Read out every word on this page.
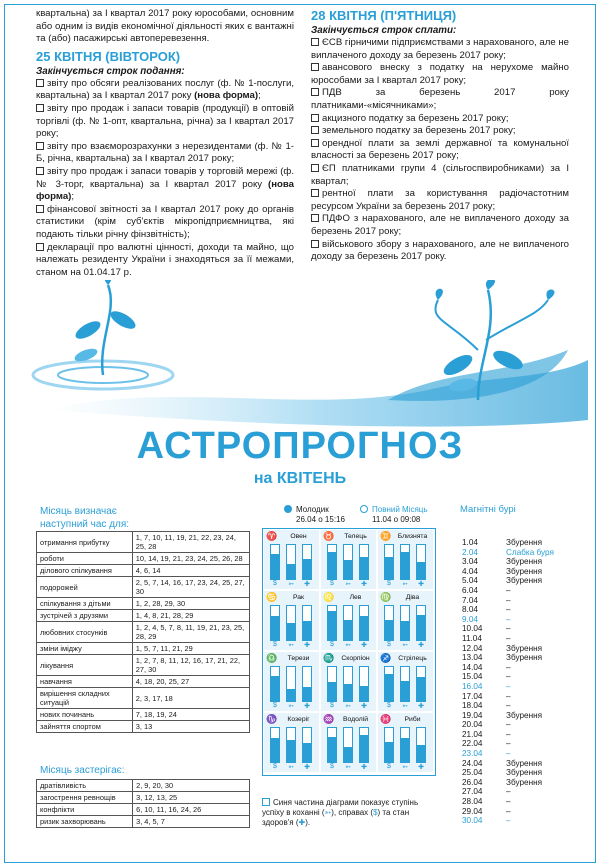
квартальна) за І квартал 2017 року юрособами, основним або одним із видів економічної діяльності яких є вантажні та (або) пасажирські автоперевезення.

25 КВІТНЯ (ВІВТОРОК)
Закінчується строк подання:

звіту про обсяги реалізованих послуг (ф. № 1-послуги, квартальна) за І квартал 2017 року (нова форма);

звіту про продаж і запаси товарів (продукції) в оптовій торгівлі (ф. № 1-опт, квартальна, річна) за І квартал 2017 року;

звіту про взаєморозрахунки з нерезидентами (ф. № 1-Б, річна, квартальна) за І квартал 2017 року;

звіту про продаж і запаси товарів у торговій мережі (ф. № 3-торг, квартальна) за І квартал 2017 року (нова форма);

фінансової звітності за І квартал 2017 року до органів статистики (крім суб'єктів мікропідприємництва, які подають тільки річну фінзвітність);

декларації про валютні цінності, доходи та майно, що належать резиденту України і знаходяться за її межами, станом на 01.04.17 р.

28 КВІТНЯ (П'ЯТНИЦЯ)
Закінчується строк сплати:

ЄСВ гірничими підприємствами з нарахованого, але не виплаченого доходу за березень 2017 року;

авансового внеску з податку на нерухоме майно юрособами за І квартал 2017 року;

ПДВ за березень 2017 року платниками-«місячниками»;

акцизного податку за березень 2017 року;

земельного податку за березень 2017 року;

орендної плати за землі державної та комунальної власності за березень 2017 року;

ЄП платниками групи 4 (сільгоспвиробниками) за І квартал;

рентної плати за користування радіочастотним ресурсом України за березень 2017 року;

ПДФО з нарахованого, але не виплаченого доходу за березень 2017 року;

військового збору з нарахованого, але не виплаченого доходу за березень 2017 року.

АСТРОПРОГНОЗ
на КВІТЕНЬ
Місяць визначає
наступний час для:
отримання прибутку	1, 7, 10, 11, 19, 21, 22, 23, 24, 25, 28
роботи	10, 14, 19, 21, 23, 24, 25, 26, 28
ділового спілкування	4, 6, 14
подорожей	2, 5, 7, 14, 16, 17, 23, 24, 25, 27, 30
спілкування з дітьми	1, 2, 28, 29, 30
зустрічей з друзями	1, 4, 8, 21, 28, 29
любовних стосунків	1, 2, 4, 5, 7, 8, 11, 19, 21, 23, 25, 28, 29
зміни іміджу	1, 5, 7, 11, 21, 29
лікування	1, 2, 7, 8, 11, 12, 16, 17, 21, 22, 27, 30
навчання	4, 18, 20, 25, 27
вирішення складних ситуацій	2, 3, 17, 18
нових починань	7, 18, 19, 24
зайняття спортом	3, 13
Місяць застерігає:
дратівливість	2, 9, 20, 30
загострення ревнощів	3, 12, 13, 25
конфлікти	6, 10, 11, 16, 24, 26
ризик захворювань	3, 4, 5, 7
Молодик
26.04 о 15:16
Повний Місяць
11.04 о 09:08
♈	Овен
$	➳	✚
♉	Телець
$	➳	✚
♊ Близнята
$	➳	✚
♋	Рак
$	➳	✚
♌	Лев
$	➳	✚
♍	Діва
$	➳	✚
♎	Терези
$	➳	✚
♏ Скорпіон
$	➳	✚
♐ Стрілець
$	➳	✚
♑	Козеріг
$	➳	✚
♒	Водолій
$	➳	✚
♓	Риби
$	➳	✚
Синя частина діаграми показує ступінь успіху в коханні (➳), справах ($) та стан здоров'я (✚).
Магнітні бурі
1.04	Збурення
2.04	Слабка буря
3.04	Збурення
4.04	Збурення
5.04	Збурення
6.04	–
7.04	–
8.04	–
9.04	–
10.04	–
11.04	–
12.04	Збурення
13.04	Збурення
14.04	–
15.04	–
16.04	–
17.04	–
18.04	–
19.04	Збурення
20.04	–
21.04	–
22.04	–
23.04	–
24.04	Збурення
25.04	Збурення
26.04	Збурення
27.04	–
28.04	–
29.04	–
30.04	–
